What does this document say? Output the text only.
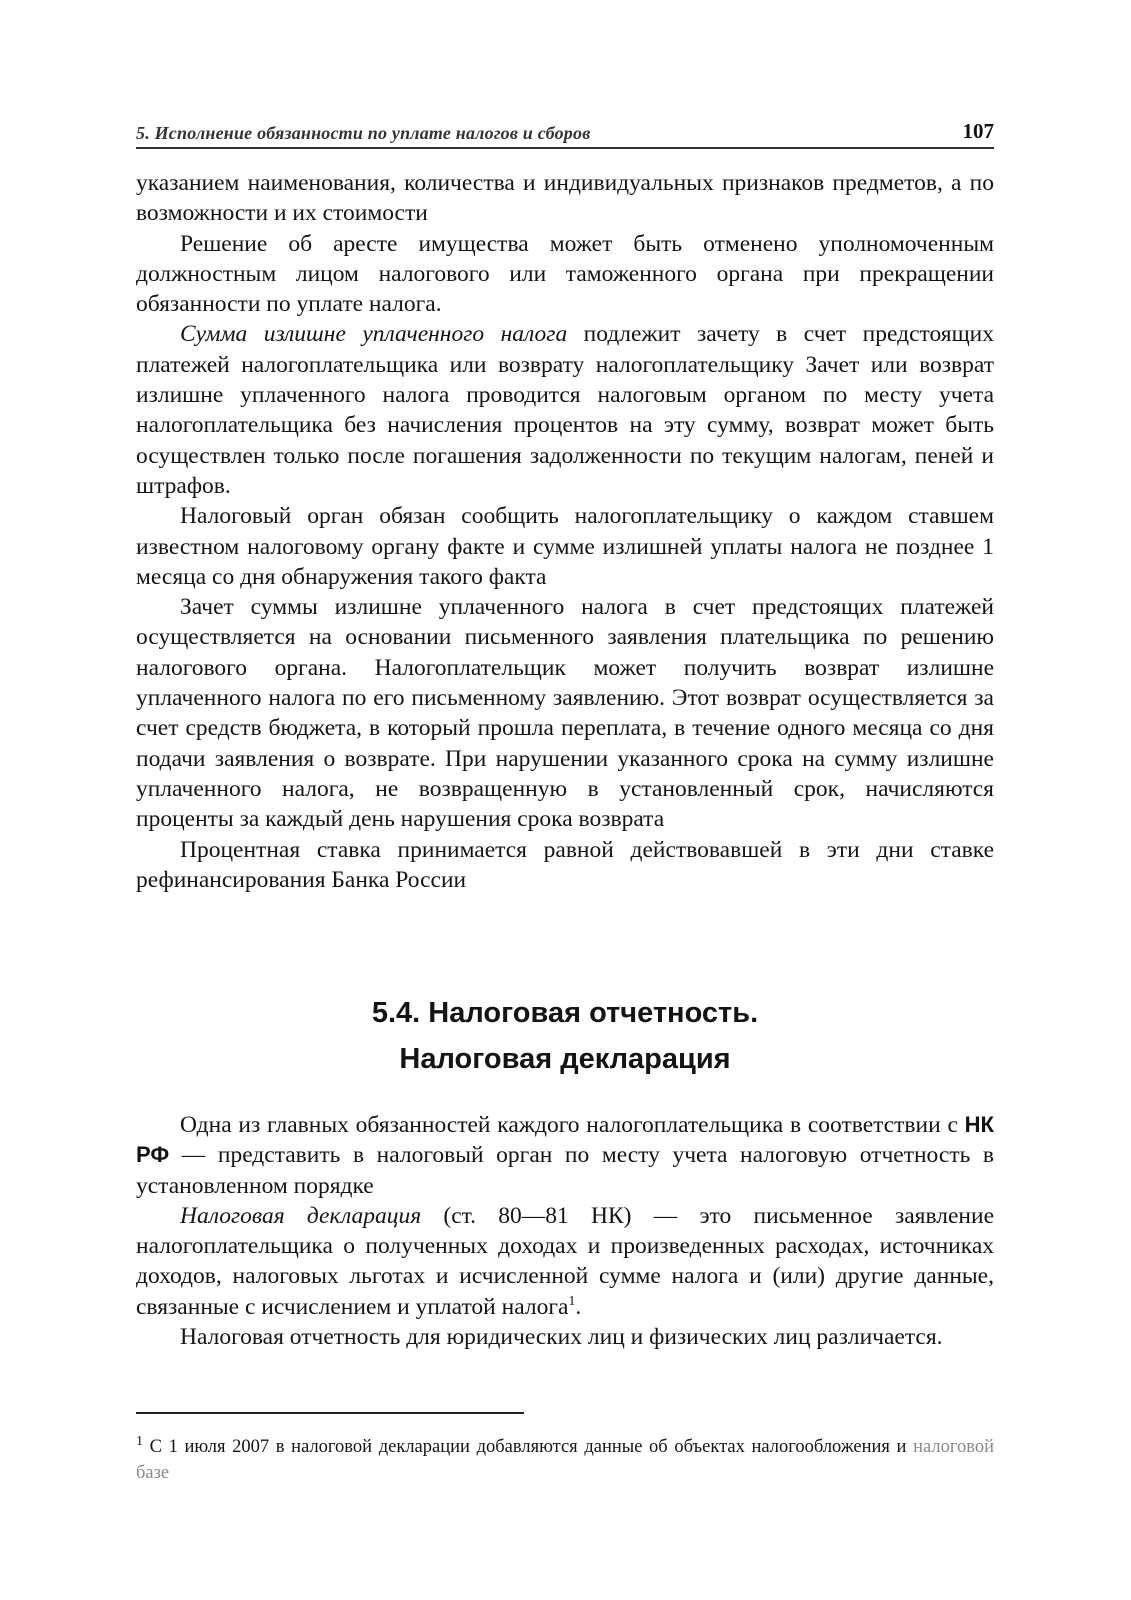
5. Исполнение обязанности по уплате налогов и сборов	107

указанием наименования, количества и индивидуальных признаков предметов, а по возможности и их стоимости

Решение об аресте имущества может быть отменено уполномоченным должностным лицом налогового или таможенного органа при прекращении обязанности по уплате налога.

Сумма излишне уплаченного налога подлежит зачету в счет предстоящих платежей налогоплательщика или возврату налогоплательщику Зачет или возврат излишне уплаченного налога проводится налоговым органом по месту учета налогоплательщика без начисления процентов на эту сумму, возврат может быть осуществлен только после погашения задолженности по текущим налогам, пеней и штрафов.

Налоговый орган обязан сообщить налогоплательщику о каждом ставшем известном налоговому органу факте и сумме излишней уплаты налога не позднее 1 месяца со дня обнаружения такого факта

Зачет суммы излишне уплаченного налога в счет предстоящих платежей осуществляется на основании письменного заявления плательщика по решению налогового органа. Налогоплательщик может получить возврат излишне уплаченного налога по его письменному заявлению. Этот возврат осуществляется за счет средств бюджета, в который прошла переплата, в течение одного месяца со дня подачи заявления о возврате. При нарушении указанного срока на сумму излишне уплаченного налога, не возвращенную в установленный срок, начисляются проценты за каждый день нарушения срока возврата

Процентная ставка принимается равной действовавшей в эти дни ставке рефинансирования Банка России

5.4. Налоговая отчетность.
Налоговая декларация

Одна из главных обязанностей каждого налогоплательщика в соответствии с НК РФ — представить в налоговый орган по месту учета налоговую отчетность в установленном порядке

Налоговая декларация (ст. 80—81 НК) — это письменное заявление налогоплательщика о полученных доходах и произведенных расходах, источниках доходов, налоговых льготах и исчисленной сумме налога и (или) другие данные, связанные с исчислением и уплатой налога$^1$.

Налоговая отчетность для юридических лиц и физических лиц различается.

$^1$ С 1 июля 2007 в налоговой декларации добавляются данные об объектах налогообложения и налоговой базе
